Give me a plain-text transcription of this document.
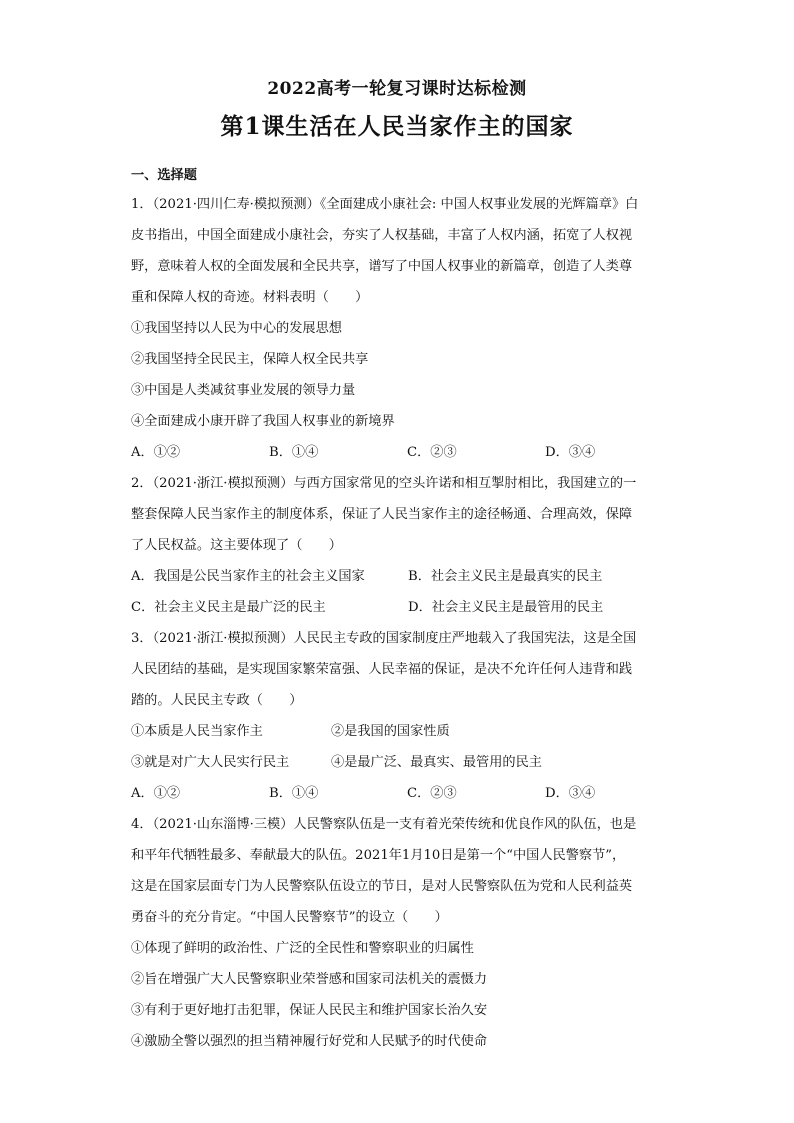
2022高考一轮复习课时达标检测
第1课生活在人民当家作主的国家
一、选择题
1．（2021·四川仁寿·模拟预测）《全面建成小康社会: 中国人权事业发展的光辉篇章》白
皮书指出，中国全面建成小康社会，夯实了人权基础，丰富了人权内涵，拓宽了人权视
野，意味着人权的全面发展和全民共享，谱写了中国人权事业的新篇章，创造了人类尊
重和保障人权的奇迹。材料表明（　　）
①我国坚持以人民为中心的发展思想
②我国坚持全民民主，保障人权全民共享
③中国是人类减贫事业发展的领导力量
④全面建成小康开辟了我国人权事业的新境界
A．①②	B．①④	C．②③	D．③④
2．（2021·浙江·模拟预测）与西方国家常见的空头许诺和相互掣肘相比，我国建立的一
整套保障人民当家作主的制度体系，保证了人民当家作主的途径畅通、合理高效，保障
了人民权益。这主要体现了（　　）
A．我国是公民当家作主的社会主义国家	B．社会主义民主是最真实的民主
C．社会主义民主是最广泛的民主	D．社会主义民主是最管用的民主
3．（2021·浙江·模拟预测）人民民主专政的国家制度庄严地载入了我国宪法，这是全国
人民团结的基础，是实现国家繁荣富强、人民幸福的保证，是决不允许任何人违背和践
踏的。人民民主专政（　　）
①本质是人民当家作主	②是我国的国家性质
③就是对广大人民实行民主	④是最广泛、最真实、最管用的民主
A．①②	B．①④	C．②③	D．③④
4．（2021·山东淄博·三模）人民警察队伍是一支有着光荣传统和优良作风的队伍，也是
和平年代牺牲最多、奉献最大的队伍。2021年1月10日是第一个“中国人民警察节”，
这是在国家层面专门为人民警察队伍设立的节日，是对人民警察队伍为党和人民利益英
勇奋斗的充分肯定。“中国人民警察节”的设立（　　）
①体现了鲜明的政治性、广泛的全民性和警察职业的归属性
②旨在增强广大人民警察职业荣誉感和国家司法机关的震慑力
③有利于更好地打击犯罪，保证人民民主和维护国家长治久安
④激励全警以强烈的担当精神履行好党和人民赋予的时代使命
